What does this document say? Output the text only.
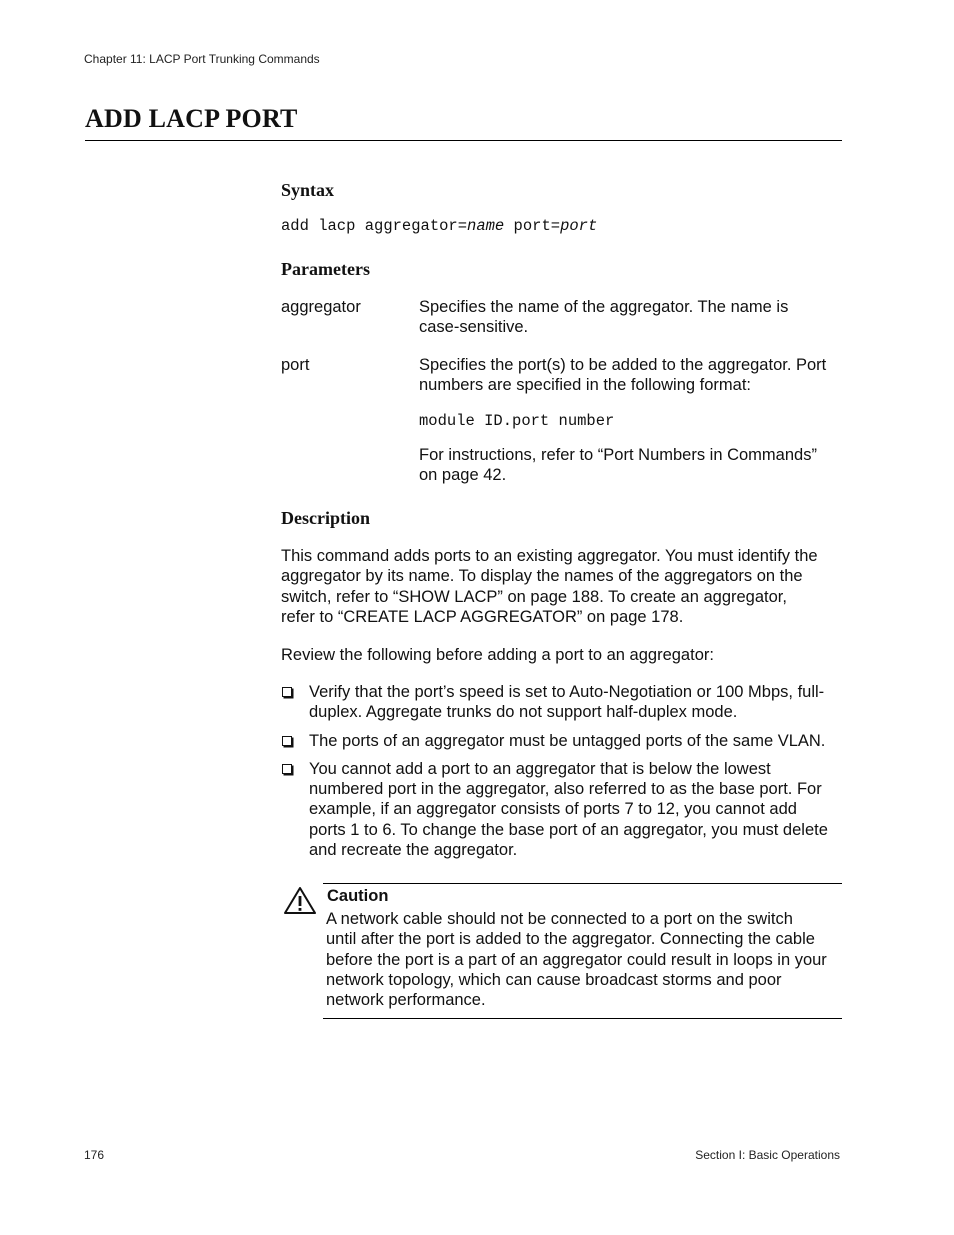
Chapter 11: LACP Port Trunking Commands
ADD LACP PORT
Syntax
add lacp aggregator=name port=port
Parameters
aggregator	Specifies the name of the aggregator. The name is
case-sensitive.
port	Specifies the port(s) to be added to the aggregator. Port
numbers are specified in the following format:
module ID.port number
For instructions, refer to “Port Numbers in Commands”
on page 42.
Description
This command adds ports to an existing aggregator. You must identify the
aggregator by its name. To display the names of the aggregators on the
switch, refer to “SHOW LACP” on page 188. To create an aggregator,
refer to “CREATE LACP AGGREGATOR” on page 178.
Review the following before adding a port to an aggregator:
Verify that the port’s speed is set to Auto-Negotiation or 100 Mbps, full-
duplex. Aggregate trunks do not support half-duplex mode.
The ports of an aggregator must be untagged ports of the same VLAN.
You cannot add a port to an aggregator that is below the lowest
numbered port in the aggregator, also referred to as the base port. For
example, if an aggregator consists of ports 7 to 12, you cannot add
ports 1 to 6. To change the base port of an aggregator, you must delete
and recreate the aggregator.
Caution
A network cable should not be connected to a port on the switch
until after the port is added to the aggregator. Connecting the cable
before the port is a part of an aggregator could result in loops in your
network topology, which can cause broadcast storms and poor
network performance.
176	Section I: Basic Operations
